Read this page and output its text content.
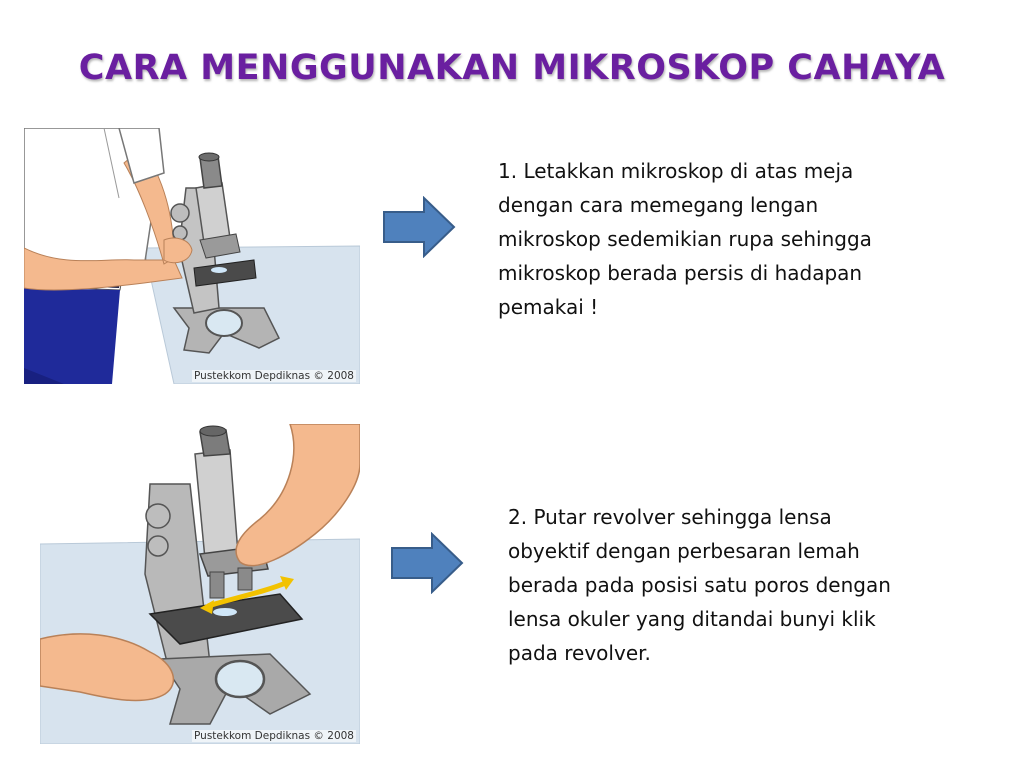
CARA MENGGUNAKAN MIKROSKOP CAHAYA
Pustekkom Depdiknas © 2008
1. Letakkan mikroskop di atas meja
dengan cara memegang lengan
mikroskop sedemikian rupa sehingga
mikroskop berada persis di hadapan
pemakai !
Pustekkom Depdiknas © 2008
2. Putar revolver sehingga lensa
obyektif dengan perbesaran lemah
berada pada posisi satu poros dengan
lensa okuler yang ditandai bunyi klik
pada revolver.
